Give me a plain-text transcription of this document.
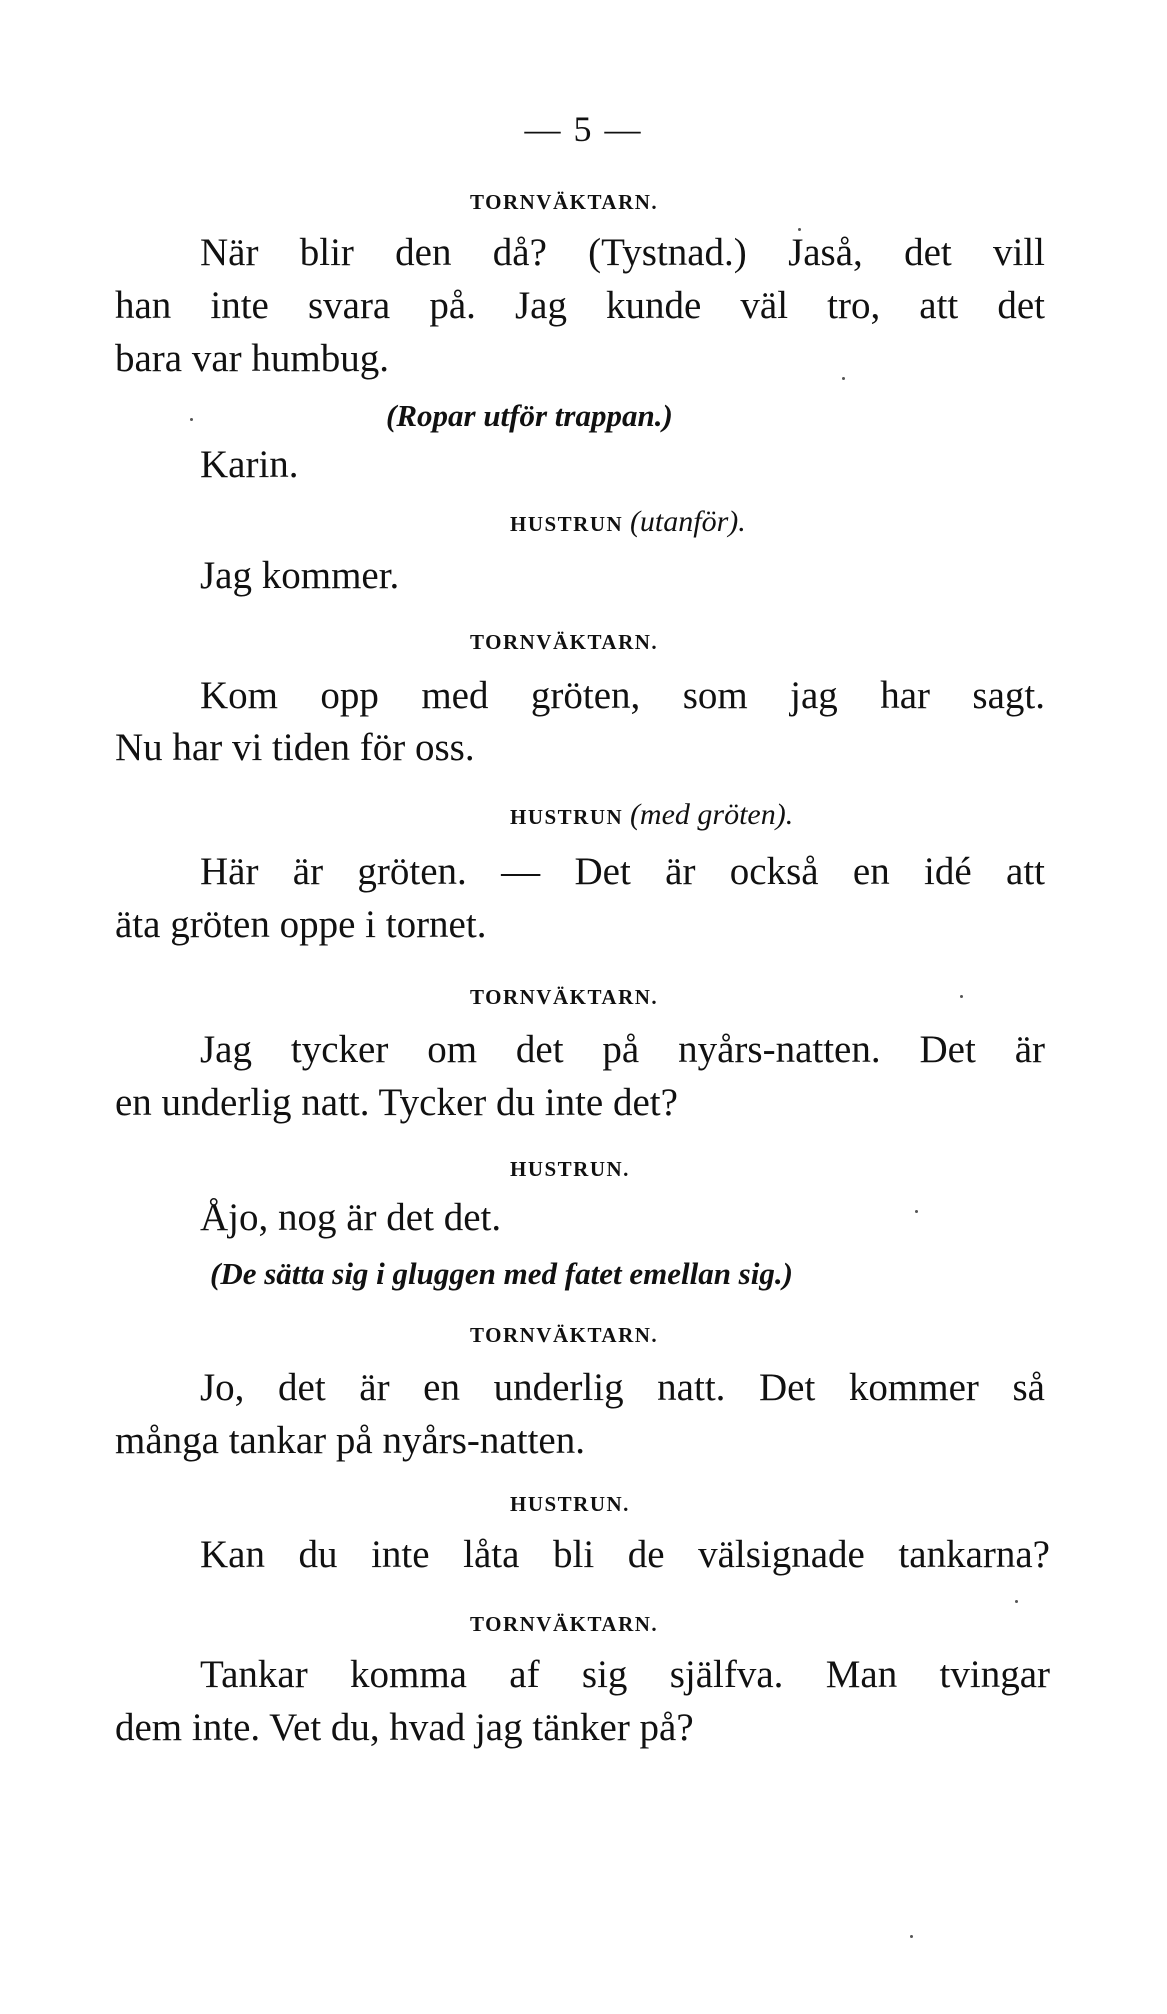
— 5 —
TORNVÄKTARN.
När blir den då? (Tystnad.) Jaså, det vill
han inte svara på. Jag kunde väl tro, att det
bara var humbug.
(Ropar utför trappan.)
Karin.
HUSTRUN (utanför).
Jag kommer.
TORNVÄKTARN.
Kom opp med gröten, som jag har sagt.
Nu har vi tiden för oss.
HUSTRUN (med gröten).
Här är gröten. — Det är också en idé att
äta gröten oppe i tornet.
TORNVÄKTARN.
Jag tycker om det på nyårs-natten. Det är
en underlig natt. Tycker du inte det?
HUSTRUN.
Åjo, nog är det det.
(De sätta sig i gluggen med fatet emellan sig.)
TORNVÄKTARN.
Jo, det är en underlig natt. Det kommer så
många tankar på nyårs-natten.
HUSTRUN.
Kan du inte låta bli de välsignade tankarna?
TORNVÄKTARN.
Tankar komma af sig själfva. Man tvingar
dem inte. Vet du, hvad jag tänker på?
